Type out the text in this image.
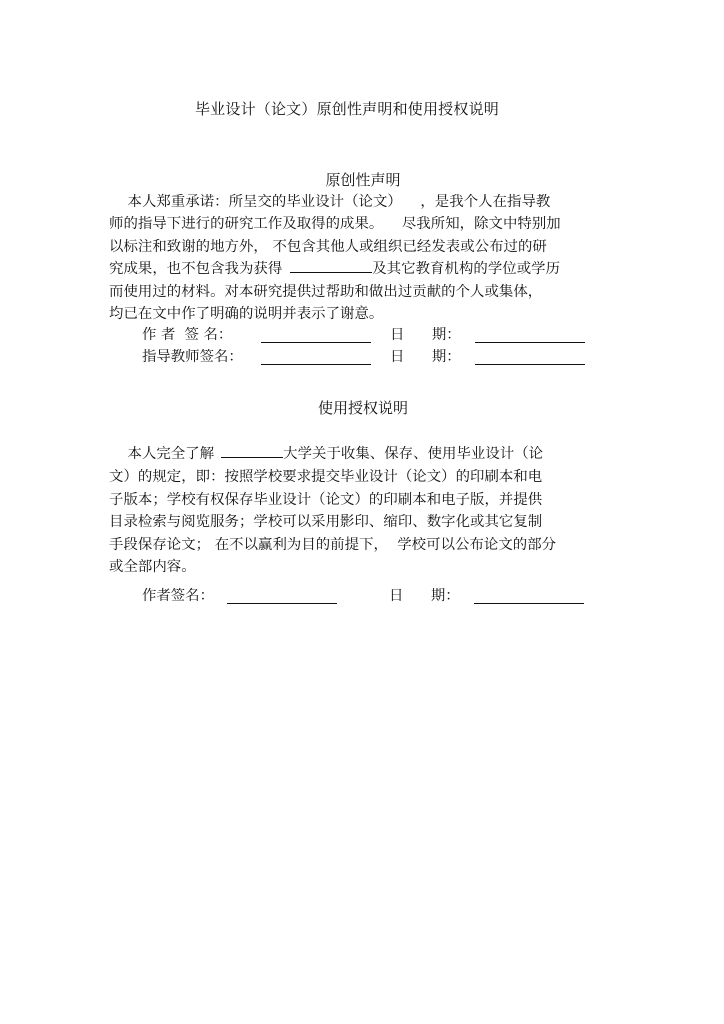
毕业设计（论文）原创性声明和使用授权说明
原创性声明
本人郑重承诺：所呈交的毕业设计（论文）    ，是我个人在指导教
师的指导下进行的研究工作及取得的成果。    尽我所知，除文中特别加
以标注和致谢的地方外， 不包含其他人或组织已经发表或公布过的研
究成果，也不包含我为获得	及其它教育机构的学位或学历
而使用过的材料。对本研究提供过帮助和做出过贡献的个人或集体，
均已在文中作了明确的说明并表示了谢意。
作 者  签 名：	日      期：
指导教师签名：	日      期：
使用授权说明
本人完全了解	大学关于收集、保存、使用毕业设计（论
文）的规定，即：按照学校要求提交毕业设计（论文）的印刷本和电
子版本；学校有权保存毕业设计（论文）的印刷本和电子版，并提供
目录检索与阅览服务；学校可以采用影印、缩印、数字化或其它复制
手段保存论文； 在不以赢利为目的前提下，  学校可以公布论文的部分
或全部内容。
作者签名：	日      期：
